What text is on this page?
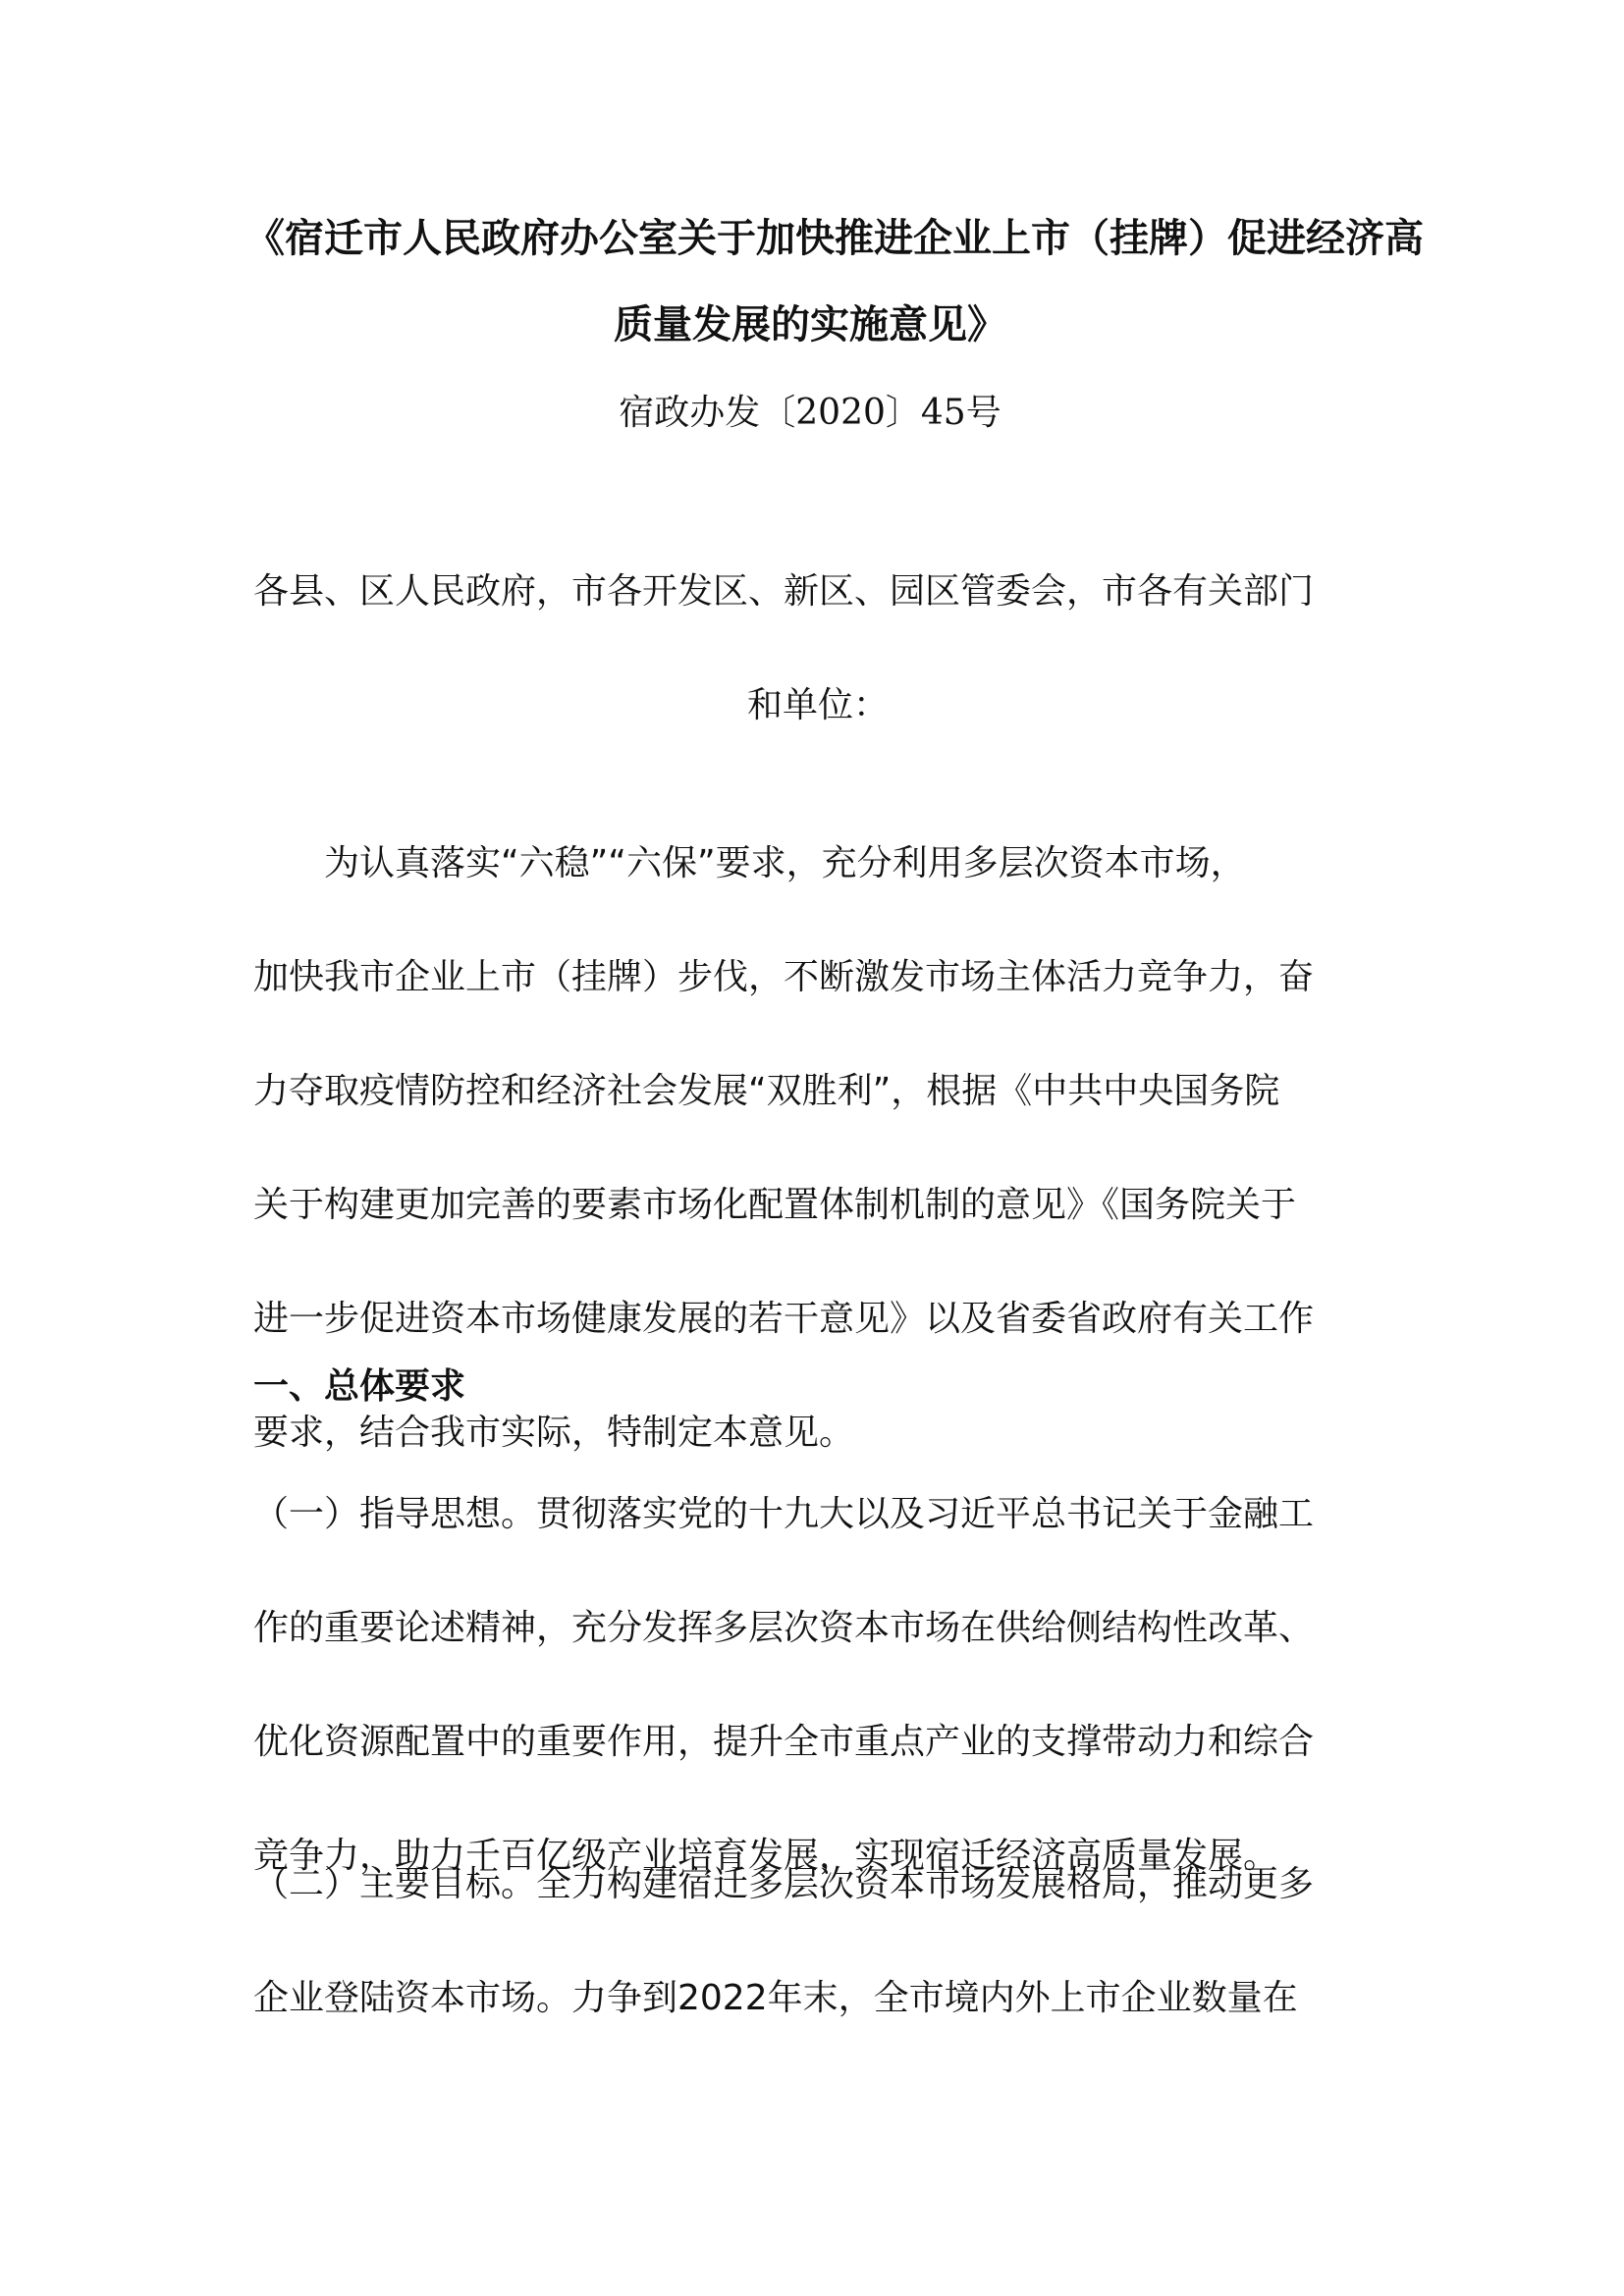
《宿迁市人民政府办公室关于加快推进企业上市（挂牌）促进经济高
质量发展的实施意见》
宿政办发〔2020〕45号
各县、区人民政府，市各开发区、新区、园区管委会，市各有关部门
和单位：
　　为认真落实“六稳”“六保”要求，充分利用多层次资本市场，
加快我市企业上市（挂牌）步伐，不断激发市场主体活力竞争力，奋
力夺取疫情防控和经济社会发展“双胜利”，根据《中共中央国务院
关于构建更加完善的要素市场化配置体制机制的意见》《国务院关于
进一步促进资本市场健康发展的若干意见》以及省委省政府有关工作
要求，结合我市实际，特制定本意见。
一、总体要求
（一）指导思想。贯彻落实党的十九大以及习近平总书记关于金融工
作的重要论述精神，充分发挥多层次资本市场在供给侧结构性改革、
优化资源配置中的重要作用，提升全市重点产业的支撑带动力和综合
竞争力，助力千百亿级产业培育发展，实现宿迁经济高质量发展。
（二）主要目标。全力构建宿迁多层次资本市场发展格局，推动更多
企业登陆资本市场。力争到2022年末，全市境内外上市企业数量在
